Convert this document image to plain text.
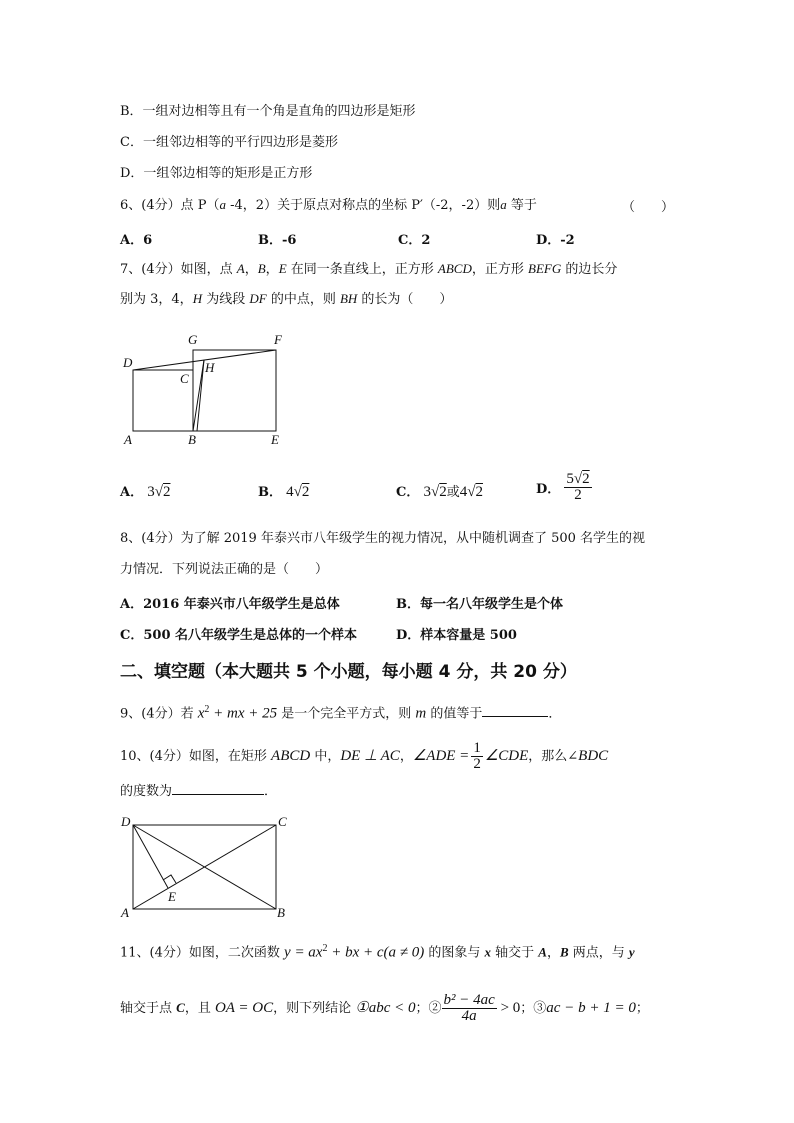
B．一组对边相等且有一个角是直角的四边形是矩形
C．一组邻边相等的平行四边形是菱形
D．一组邻边相等的矩形是正方形
6、(4分）点 P（a -4，2）关于原点对称点的坐标 P′（-2，-2）则a 等于	（　　）
A．6	B．-6	C．2	D．-2
7、(4分）如图，点 A，B，E 在同一条直线上，正方形 ABCD，正方形 BEFG 的边长分
别为 3，4，H 为线段 DF 的中点，则 BH 的长为（　　）
G	F
D
C
H
A	B	E
A． 3√2	B． 4√2	C． 3√2或4√2	D． $\frac{5√2}{2}$
8、(4分）为了解 2019 年泰兴市八年级学生的视力情况，从中随机调查了 500 名学生的视
力情况．下列说法正确的是（　　）
A．2016 年泰兴市八年级学生是总体	B．每一名八年级学生是个体
C．500 名八年级学生是总体的一个样本	D．样本容量是 500
二、填空题（本大题共 5 个小题，每小题 4 分，共 20 分）
9、(4分）若 $x^2$ + mx + 25 是一个完全平方式，则 m 的值等于	．
10、(4分）如图，在矩形 ABCD 中，DE ⊥ AC，∠ADE = $\frac{1}{2}$ ∠CDE，那么∠BDC
的度数为	．
D	C
A	B
E
11、(4分）如图，二次函数 $y = ax^2$ + bx + c(a ≠ 0) 的图象与 x 轴交于 A，B 两点，与 y
轴交于点 C，且 OA = OC，则下列结论 ①abc < 0；② $\frac{\text{b² − 4ac}}{4a} > 0$；③ac − b + 1 = 0；
